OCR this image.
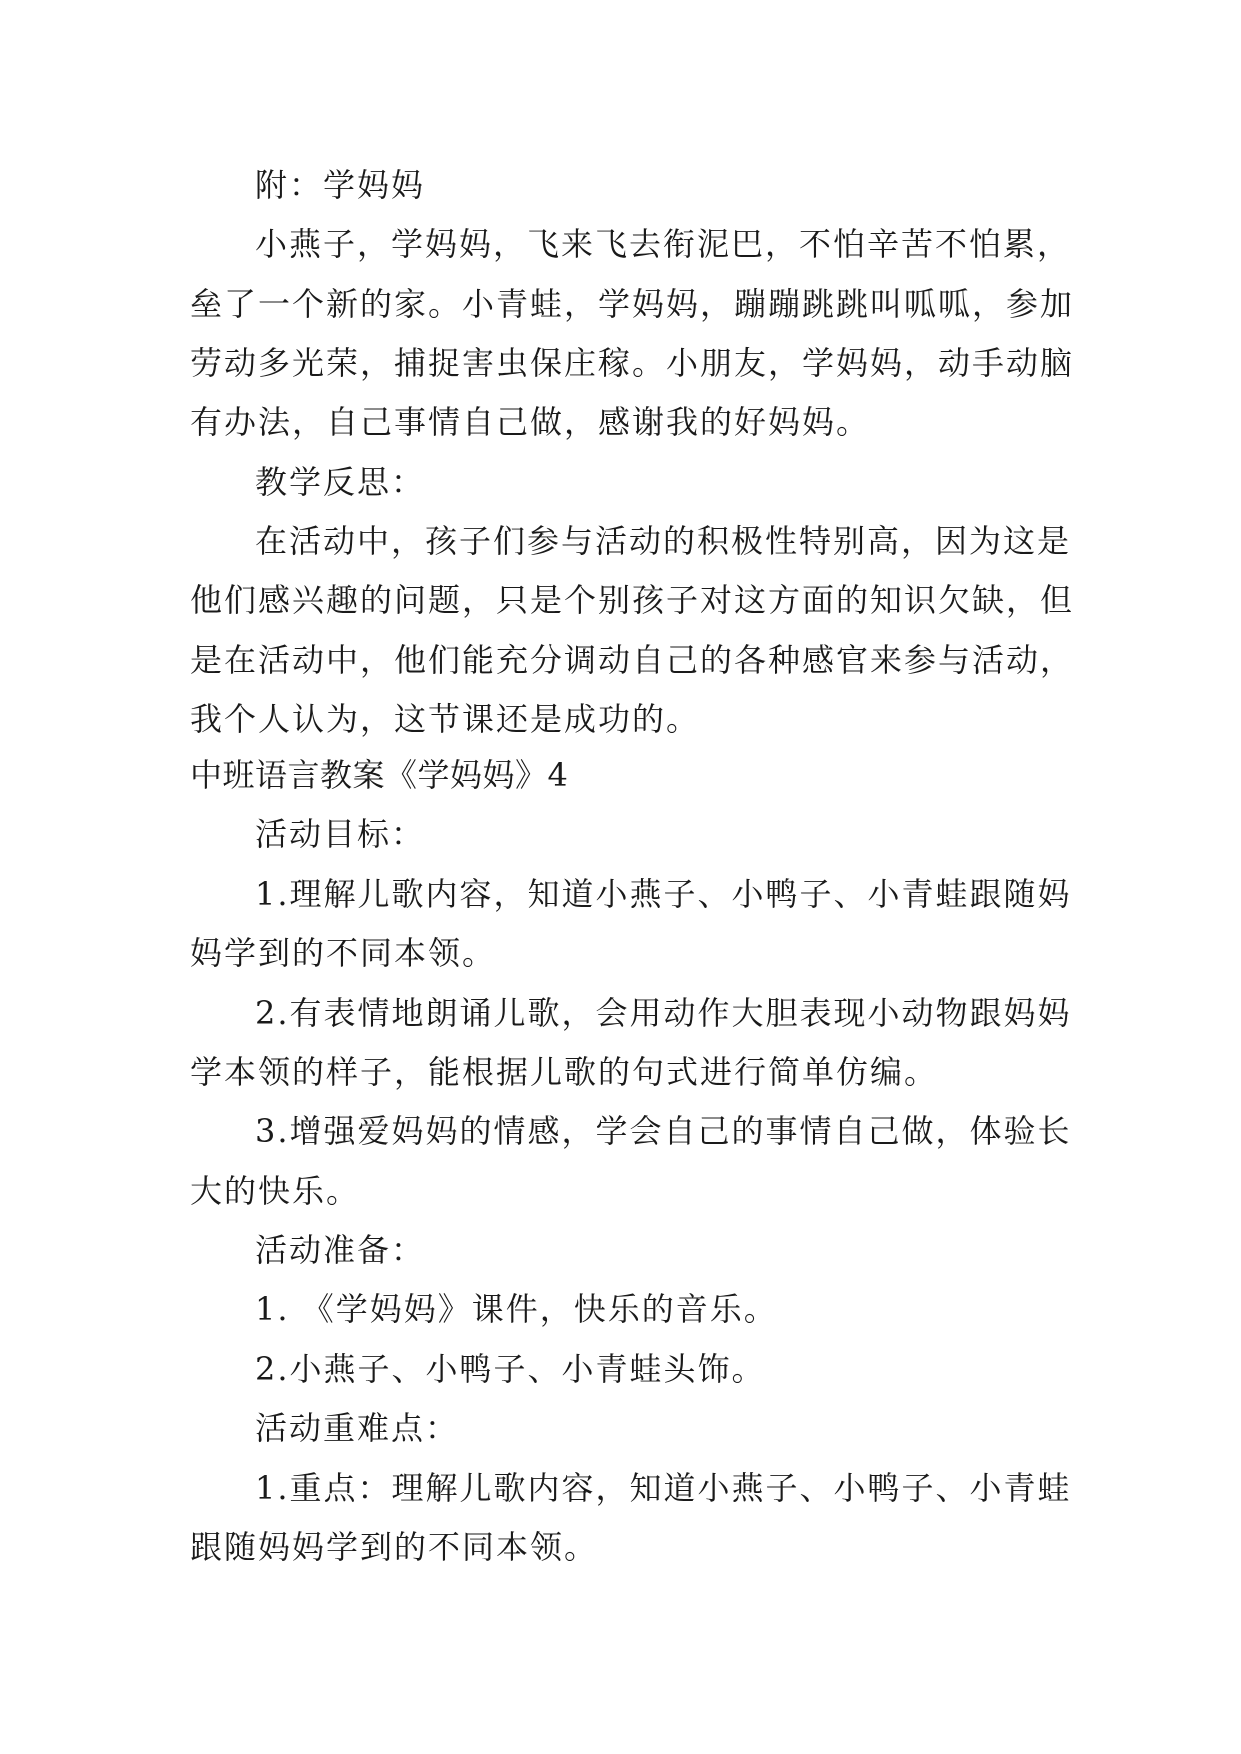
附：学妈妈
小燕子，学妈妈，飞来飞去衔泥巴，不怕辛苦不怕累，
垒了一个新的家。小青蛙，学妈妈，蹦蹦跳跳叫呱呱，参加
劳动多光荣，捕捉害虫保庄稼。小朋友，学妈妈，动手动脑
有办法，自己事情自己做，感谢我的好妈妈。
教学反思：
在活动中，孩子们参与活动的积极性特别高，因为这是
他们感兴趣的问题，只是个别孩子对这方面的知识欠缺，但
是在活动中，他们能充分调动自己的各种感官来参与活动，
我个人认为，这节课还是成功的。
中班语言教案《学妈妈》4
活动目标：
1.理解儿歌内容，知道小燕子、小鸭子、小青蛙跟随妈
妈学到的不同本领。
2.有表情地朗诵儿歌，会用动作大胆表现小动物跟妈妈
学本领的样子，能根据儿歌的句式进行简单仿编。
3.增强爱妈妈的情感，学会自己的事情自己做，体验长
大的快乐。
活动准备：
1. 《学妈妈》课件，快乐的音乐。
2.小燕子、小鸭子、小青蛙头饰。
活动重难点：
1.重点：理解儿歌内容，知道小燕子、小鸭子、小青蛙
跟随妈妈学到的不同本领。
